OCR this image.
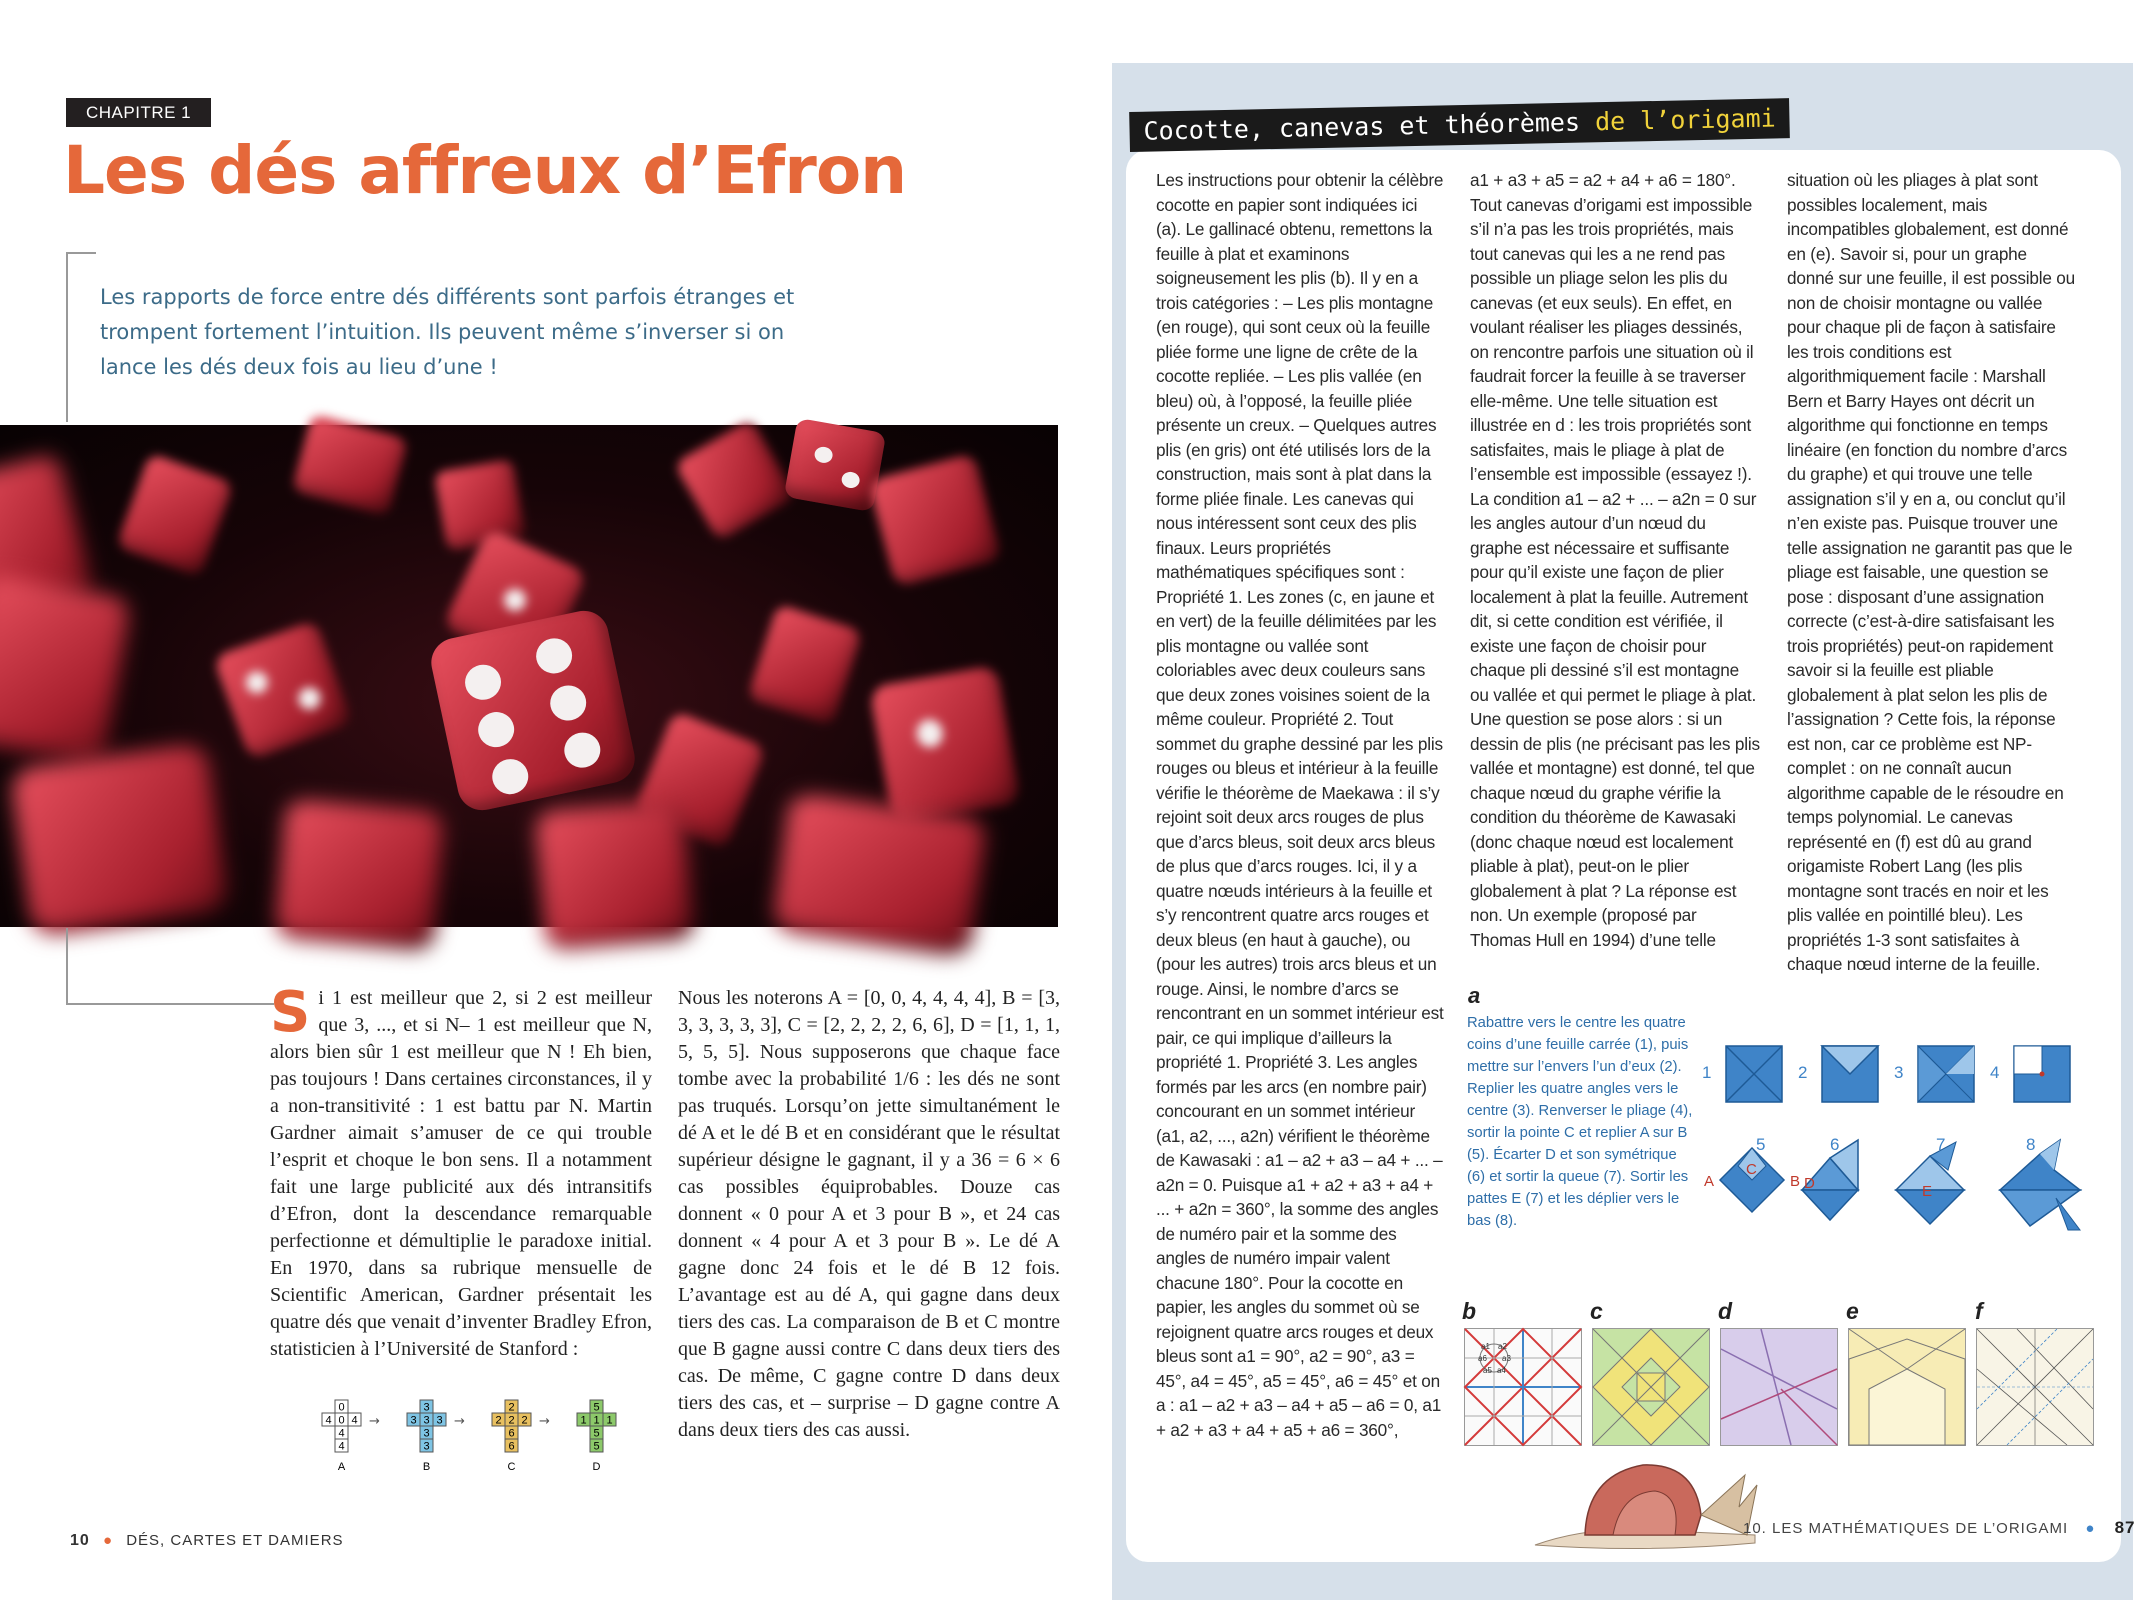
CHAPITRE 1
Les dés affreux d’Efron
Les rapports de force entre dés différents sont parfois étranges et trompent fortement l’intuition. Ils peuvent même s’inverser si on lance les dés deux fois au lieu d’une !
Si 1 est meilleur que 2, si 2 est meilleur que 3, ..., et si N– 1 est meilleur que N, alors bien sûr 1 est meilleur que N ! Eh bien, pas toujours ! Dans certaines circonstances, il y a non-transitivité : 1 est battu par N. Martin Gardner aimait s’amuser de ce qui trouble l’esprit et choque le bon sens. Il a notamment fait une large publicité aux dés intransitifs d’Efron, dont la descendance remarquable perfectionne et démultiplie le paradoxe initial. En 1970, dans sa rubrique mensuelle de Scientific American, Gardner présentait les quatre dés que venait d’inventer Bradley Efron, statisticien à l’Université de Stanford :
Nous les noterons A = [0, 0, 4, 4, 4, 4], B = [3, 3, 3, 3, 3, 3], C = [2, 2, 2, 2, 6, 6], D = [1, 1, 1, 5, 5, 5]. Nous supposerons que chaque face tombe avec la probabilité 1/6 : les dés ne sont pas truqués. Lorsqu’on jette simultanément le dé A et le dé B et en considérant que le résultat supérieur désigne le gagnant, il y a 36 = 6 × 6 cas possibles équiprobables. Douze cas donnent « 0 pour A et 3 pour B », et 24 cas donnent « 4 pour A et 3 pour B ». Le dé A gagne donc 24 fois et le dé B 12 fois. L’avantage est au dé A, qui gagne dans deux tiers des cas. La comparaison de B et C montre que B gagne aussi contre C dans deux tiers des cas. De même, C gagne contre D dans deux tiers des cas, et – surprise – D gagne contre A dans deux tiers des cas aussi.
0
4 0 4
4
4
→
A
3
3 3 3
3
3
→
B
2
2 2 2
6
6
→
C
5
1 1 1
5
5
D
10 ● DÉS, CARTES ET DAMIERS
Cocotte, canevas et théorèmes de l’origami
Les instructions pour obtenir la célèbre cocotte en papier sont indiquées ici (a). Le gallinacé obtenu, remettons la feuille à plat et examinons soigneusement les plis (b). Il y en a trois catégories : – Les plis montagne (en rouge), qui sont ceux où la feuille pliée forme une ligne de crête de la cocotte repliée. – Les plis vallée (en bleu) où, à l’opposé, la feuille pliée présente un creux. – Quelques autres plis (en gris) ont été utilisés lors de la construction, mais sont à plat dans la forme pliée finale. Les canevas qui nous intéressent sont ceux des plis finaux. Leurs propriétés mathématiques spécifiques sont : Propriété 1. Les zones (c, en jaune et en vert) de la feuille délimitées par les plis montagne ou vallée sont coloriables avec deux couleurs sans que deux zones voisines soient de la même couleur. Propriété 2. Tout sommet du graphe dessiné par les plis rouges ou bleus et intérieur à la feuille vérifie le théorème de Maekawa : il s’y rejoint soit deux arcs rouges de plus que d’arcs bleus, soit deux arcs bleus de plus que d’arcs rouges. Ici, il y a quatre nœuds intérieurs à la feuille et s’y rencontrent quatre arcs rouges et deux bleus (en haut à gauche), ou (pour les autres) trois arcs bleus et un rouge. Ainsi, le nombre d’arcs se rencontrant en un sommet intérieur est pair, ce qui implique d’ailleurs la propriété 1. Propriété 3. Les angles formés par les arcs (en nombre pair) concourant en un sommet intérieur (a1, a2, ..., a2n) vérifient le théorème de Kawasaki : a1 – a2 + a3 – a4 + ... – a2n = 0. Puisque a1 + a2 + a3 + a4 + ... + a2n = 360°, la somme des angles de numéro pair et la somme des angles de numéro impair valent chacune 180°. Pour la cocotte en papier, les angles du sommet où se rejoignent quatre arcs rouges et deux bleus sont a1 = 90°, a2 = 90°, a3 = 45°, a4 = 45°, a5 = 45°, a6 = 45° et on a : a1 – a2 + a3 – a4 + a5 – a6 = 0, a1 + a2 + a3 + a4 + a5 + a6 = 360°,
a1 + a3 + a5 = a2 + a4 + a6 = 180°. Tout canevas d’origami est impossible s’il n’a pas les trois propriétés, mais tout canevas qui les a ne rend pas possible un pliage selon les plis du canevas (et eux seuls). En effet, en voulant réaliser les pliages dessinés, on rencontre parfois une situation où il faudrait forcer la feuille à se traverser elle-même. Une telle situation est illustrée en d : les trois propriétés sont satisfaites, mais le pliage à plat de l’ensemble est impossible (essayez !). La condition a1 – a2 + ... – a2n = 0 sur les angles autour d’un nœud du graphe est nécessaire et suffisante pour qu’il existe une façon de plier localement à plat la feuille. Autrement dit, si cette condition est vérifiée, il existe une façon de choisir pour chaque pli dessiné s’il est montagne ou vallée et qui permet le pliage à plat. Une question se pose alors : si un dessin de plis (ne précisant pas les plis vallée et montagne) est donné, tel que chaque nœud du graphe vérifie la condition du théorème de Kawasaki (donc chaque nœud est localement pliable à plat), peut-on le plier globalement à plat ? La réponse est non. Un exemple (proposé par Thomas Hull en 1994) d’une telle
situation où les pliages à plat sont possibles localement, mais incompatibles globalement, est donné en (e). Savoir si, pour un graphe donné sur une feuille, il est possible ou non de choisir montagne ou vallée pour chaque pli de façon à satisfaire les trois conditions est algorithmiquement facile : Marshall Bern et Barry Hayes ont décrit un algorithme qui fonctionne en temps linéaire (en fonction du nombre d’arcs du graphe) et qui trouve une telle assignation s’il y en a, ou conclut qu’il n’en existe pas. Puisque trouver une telle assignation ne garantit pas que le pliage est faisable, une question se pose : disposant d’une assignation correcte (c’est-à-dire satisfaisant les trois propriétés) peut-on rapidement savoir si la feuille est pliable globalement à plat selon les plis de l’assignation ? Cette fois, la réponse est non, car ce problème est NP-complet : on ne connaît aucun algorithme capable de le résoudre en temps polynomial. Le canevas représenté en (f) est dû au grand origamiste Robert Lang (les plis montagne sont tracés en noir et les plis vallée en pointillé bleu). Les propriétés 1-3 sont satisfaites à chaque nœud interne de la feuille.
a
Rabattre vers le centre les quatre coins d’une feuille carrée (1), puis mettre sur l’envers l’un d’eux (2). Replier les quatre angles vers le centre (3). Renverser le pliage (4), sortir la pointe C et replier A sur B (5). Écarter D et son symétrique (6) et sortir la queue (7). Sortir les pattes E (7) et les déplier vers le bas (8).
1	2	3	4
5	6	7	8
A
C
B D	E
b	c	d	e	f
a1 a2
a3
a4
a5
a6
10. LES MATHÉMATIQUES DE L’ORIGAMI ● 87
